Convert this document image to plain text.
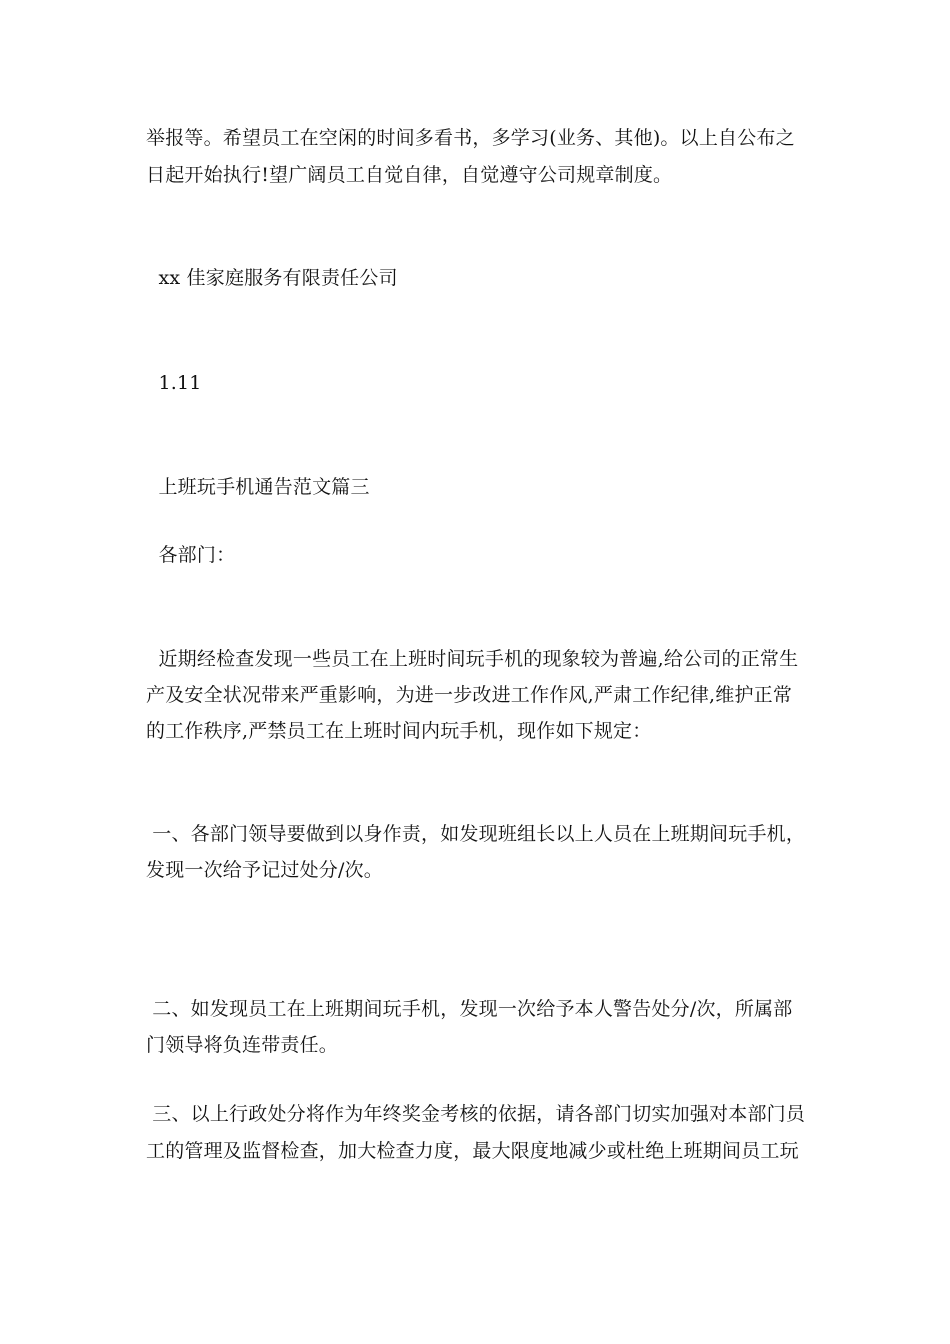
举报等。希望员工在空闲的时间多看书，多学习(业务、其他)。以上自公布之
日起开始执行!望广阔员工自觉自律，自觉遵守公司规章制度。
xx 佳家庭服务有限责任公司
1.11
上班玩手机通告范文篇三
各部门：
近期经检查发现一些员工在上班时间玩手机的现象较为普遍,给公司的正常生
产及安全状况带来严重影响，为进一步改进工作作风,严肃工作纪律,维护正常
的工作秩序,严禁员工在上班时间内玩手机，现作如下规定：
一、各部门领导要做到以身作责，如发现班组长以上人员在上班期间玩手机，
发现一次给予记过处分/次。
二、如发现员工在上班期间玩手机，发现一次给予本人警告处分/次，所属部
门领导将负连带责任。
三、以上行政处分将作为年终奖金考核的依据，请各部门切实加强对本部门员
工的管理及监督检查，加大检查力度，最大限度地减少或杜绝上班期间员工玩
